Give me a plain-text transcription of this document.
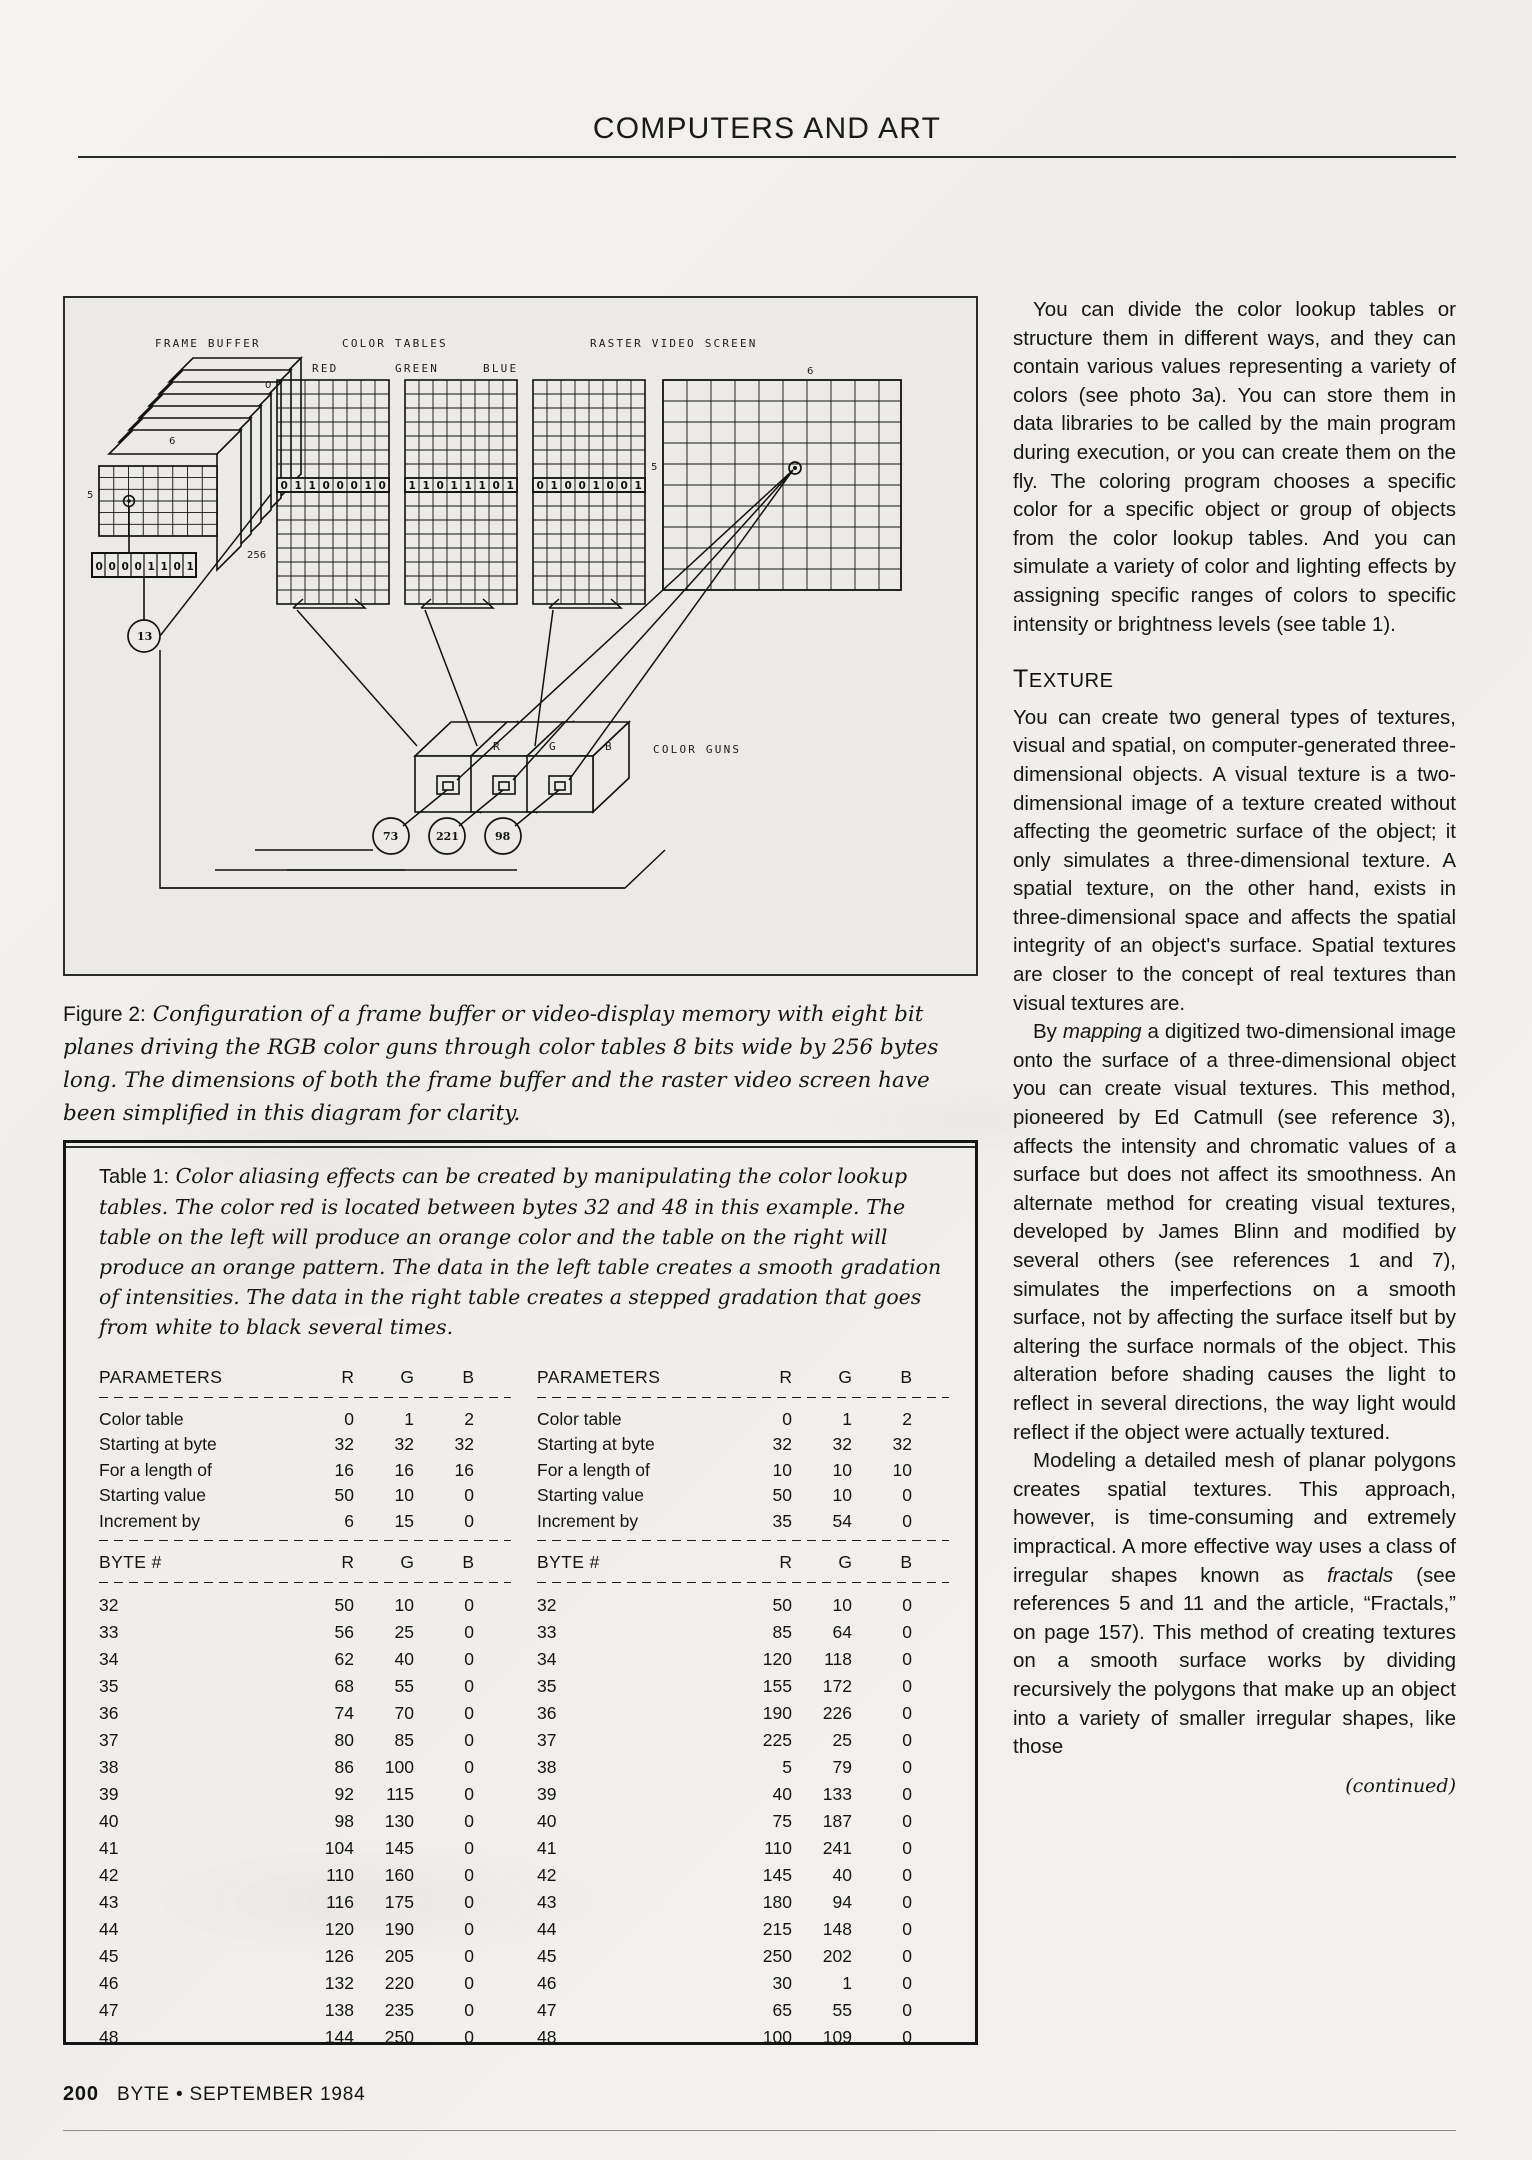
COMPUTERS AND ART
FRAME BUFFER	COLOR TABLES	RASTER VIDEO SCREEN
RED	GREEN	BLUE
6
5
0 0 0 0 1 1 0 1
13
0 1 1 0 0 0 1 0
0
1 1 0 1 1 1 0 1 0 1 0 0 1 0 0 1
256
6
5
R	G	B	COLOR GUNS
73	221	98
Figure 2: Configuration of a frame buffer or video-display memory with eight bit planes driving the RGB color guns through color tables 8 bits wide by 256 bytes long. The dimensions of both the frame buffer and the raster video screen have been simplified in this diagram for clarity.
Table 1: Color aliasing effects can be created by manipulating the color lookup tables. The color red is located between bytes 32 and 48 in this example. The table on the left will produce an orange color and the table on the right will produce an orange pattern. The data in the left table creates a smooth gradation of intensities. The data in the right table creates a stepped gradation that goes from white to black several times.
PARAMETERS	R	G	B
Color table	0	1	2
Starting at byte	32	32	32
For a length of	16	16	16
Starting value	50	10	0
Increment by	6	15	0
BYTE #	R	G	B
32	50	10	0
33	56	25	0
34	62	40	0
35	68	55	0
36	74	70	0
37	80	85	0
38	86	100	0
39	92	115	0
40	98	130	0
41	104	145	0
42	110	160	0
43	116	175	0
44	120	190	0
45	126	205	0
46	132	220	0
47	138	235	0
48	144	250	0
PARAMETERS	R	G	B
Color table	0	1	2
Starting at byte	32	32	32
For a length of	10	10	10
Starting value	50	10	0
Increment by	35	54	0
BYTE #	R	G	B
32	50	10	0
33	85	64	0
34	120	118	0
35	155	172	0
36	190	226	0
37	225	25	0
38	5	79	0
39	40	133	0
40	75	187	0
41	110	241	0
42	145	40	0
43	180	94	0
44	215	148	0
45	250	202	0
46	30	1	0
47	65	55	0
48	100	109	0

You can divide the color lookup tables or structure them in different ways, and they can contain various values representing a variety of colors (see photo 3a). You can store them in data libraries to be called by the main program during execution, or you can create them on the fly. The coloring program chooses a specific color for a specific object or group of objects from the color lookup tables. And you can simulate a variety of color and lighting effects by assigning specific ranges of colors to specific intensity or brightness levels (see table 1).

TEXTURE

You can create two general types of textures, visual and spatial, on computer-generated three-dimensional objects. A visual texture is a two-dimensional image of a texture created without affecting the geometric surface of the object; it only simulates a three-dimensional texture. A spatial texture, on the other hand, exists in three-dimensional space and affects the spatial integrity of an object's surface. Spatial textures are closer to the concept of real textures than visual textures are.

By mapping a digitized two-dimensional image onto the surface of a three-dimensional object you can create visual textures. This method, pioneered by Ed Catmull (see reference 3), affects the intensity and chromatic values of a surface but does not affect its smoothness. An alternate method for creating visual textures, developed by James Blinn and modified by several others (see references 1 and 7), simulates the imperfections on a smooth surface, not by affecting the surface itself but by altering the surface normals of the object. This alteration before shading causes the light to reflect in several directions, the way light would reflect if the object were actually textured.

Modeling a detailed mesh of planar polygons creates spatial textures. This approach, however, is time-consuming and extremely impractical. A more effective way uses a class of irregular shapes known as fractals (see references 5 and 11 and the article, “Fractals,” on page 157). This method of creating textures on a smooth surface works by dividing recursively the polygons that make up an object into a variety of smaller irregular shapes, like those

(continued)
200 BYTE • SEPTEMBER 1984
